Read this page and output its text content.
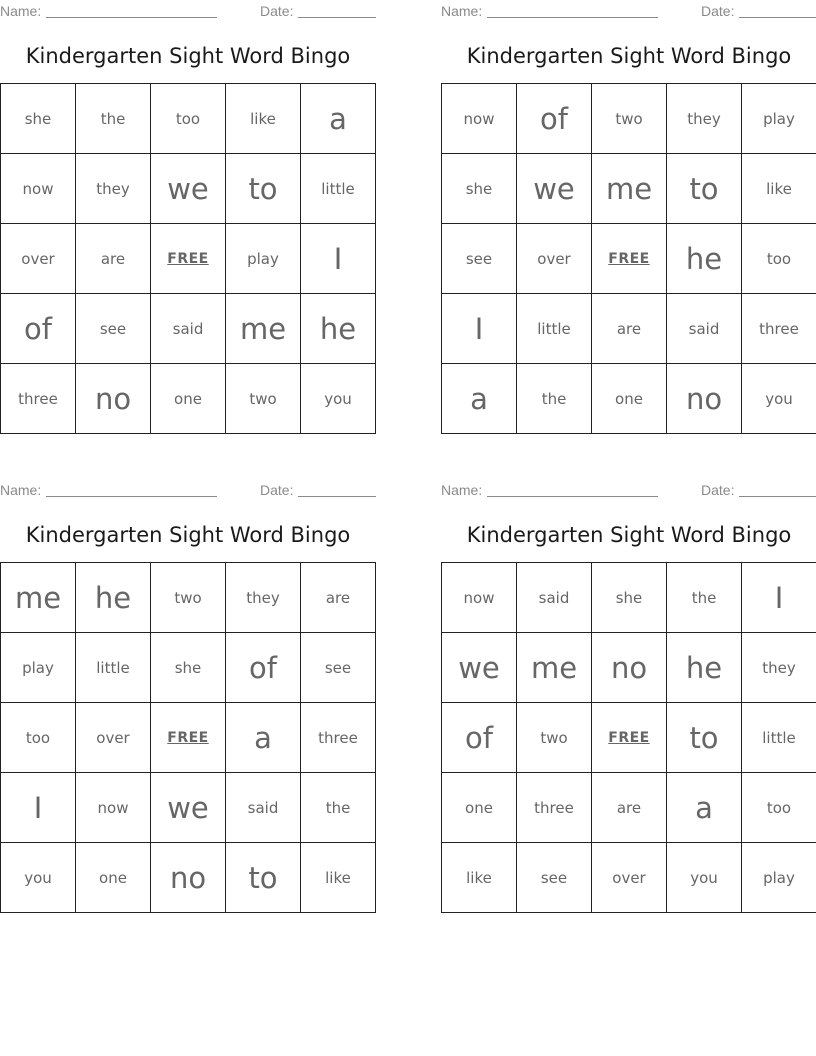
Name:	Date:
Kindergarten Sight Word Bingo
she	the	too	like	a
now	they	we	to	little
over	are	FREE	play	I
of	see	said	me	he
three	no	one	two	you
Name:	Date:
Kindergarten Sight Word Bingo
now	of	two	they	play
she	we	me	to	like
see	over	FREE	he	too
I	little	are	said	three
a	the	one	no	you
Name:	Date:
Kindergarten Sight Word Bingo
me	he	two	they	are
play	little	she	of	see
too	over	FREE	a	three
I	now	we	said	the
you	one	no	to	like
Name:	Date:
Kindergarten Sight Word Bingo
now	said	she	the	I
we	me	no	he	they
of	two	FREE	to	little
one	three	are	a	too
like	see	over	you	play
